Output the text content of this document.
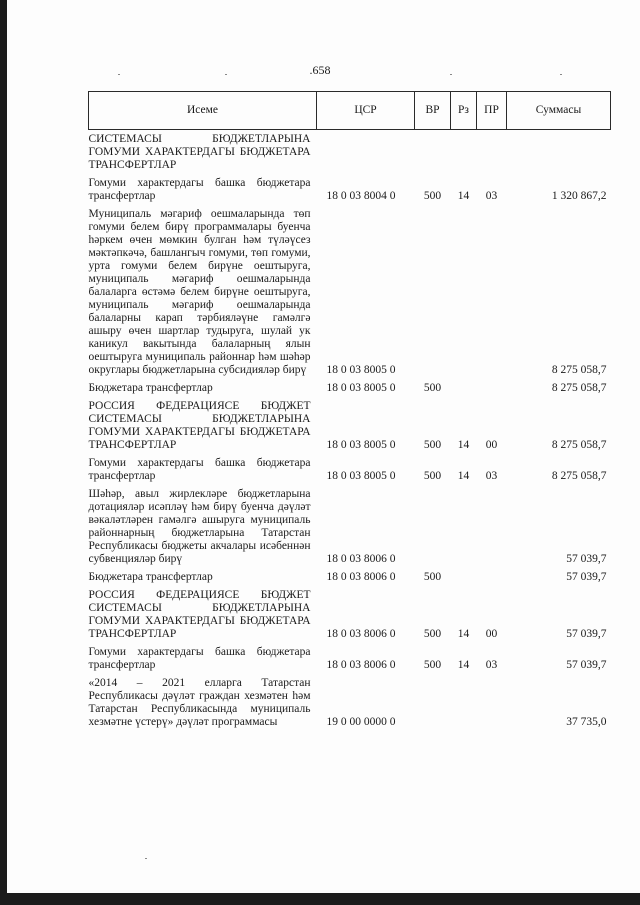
.658
Исеме	ЦСР	ВР	Рз	ПР	Суммасы
СИСТЕМАСЫ БЮДЖЕТЛАРЫНА ГОМУМИ ХАРАКТЕРДАГЫ БЮДЖЕТАРА ТРАНСФЕРТЛАР					
Гомуми характердагы башка бюджетара трансфертлар	18 0 03 8004 0	500	14	03	1 320 867,2
Муниципаль мәгариф оешмаларында төп гомуми белем бирү программалары буенча һәркем өчен мөмкин булган һәм түләүсез мәктәпкәчә, башлангыч гомуми, төп гомуми, урта гомуми белем бирүне оештыруга, муниципаль мәгариф оешмаларында балаларга өстәмә белем бирүне оештыруга, муниципаль мәгариф оешмаларында балаларны карап тәрбияләүне гамәлгә ашыру өчен шартлар тудыруга, шулай ук каникул вакытында балаларның ялын оештыруга муниципаль районнар һәм шәһәр округлары бюджетларына субсидияләр бирү	18 0 03 8005 0				8 275 058,7
Бюджетара трансфертлар	18 0 03 8005 0	500			8 275 058,7
РОССИЯ ФЕДЕРАЦИЯСЕ БЮДЖЕТ СИСТЕМАСЫ БЮДЖЕТЛАРЫНА ГОМУМИ ХАРАКТЕРДАГЫ БЮДЖЕТАРА ТРАНСФЕРТЛАР	18 0 03 8005 0	500	14	00	8 275 058,7
Гомуми характердагы башка бюджетара трансфертлар	18 0 03 8005 0	500	14	03	8 275 058,7
Шәһәр, авыл жирлекләре бюджетларына дотацияләр исәпләү һәм бирү буенча дәүләт вәкаләтләрен гамәлгә ашыруга муниципаль районнарның бюджетларына Татарстан Республикасы бюджеты акчалары исәбеннән субвенцияләр бирү	18 0 03 8006 0				57 039,7
Бюджетара трансфертлар	18 0 03 8006 0	500			57 039,7
РОССИЯ ФЕДЕРАЦИЯСЕ БЮДЖЕТ СИСТЕМАСЫ БЮДЖЕТЛАРЫНА ГОМУМИ ХАРАКТЕРДАГЫ БЮДЖЕТАРА ТРАНСФЕРТЛАР	18 0 03 8006 0	500	14	00	57 039,7
Гомуми характердагы башка бюджетара трансфертлар	18 0 03 8006 0	500	14	03	57 039,7
«2014 – 2021 елларга Татарстан Республикасы дәүләт граждан хезмәтен һәм Татарстан Республикасында муниципаль хезмәтне үстерү» дәүләт программасы	19 0 00 0000 0				37 735,0
